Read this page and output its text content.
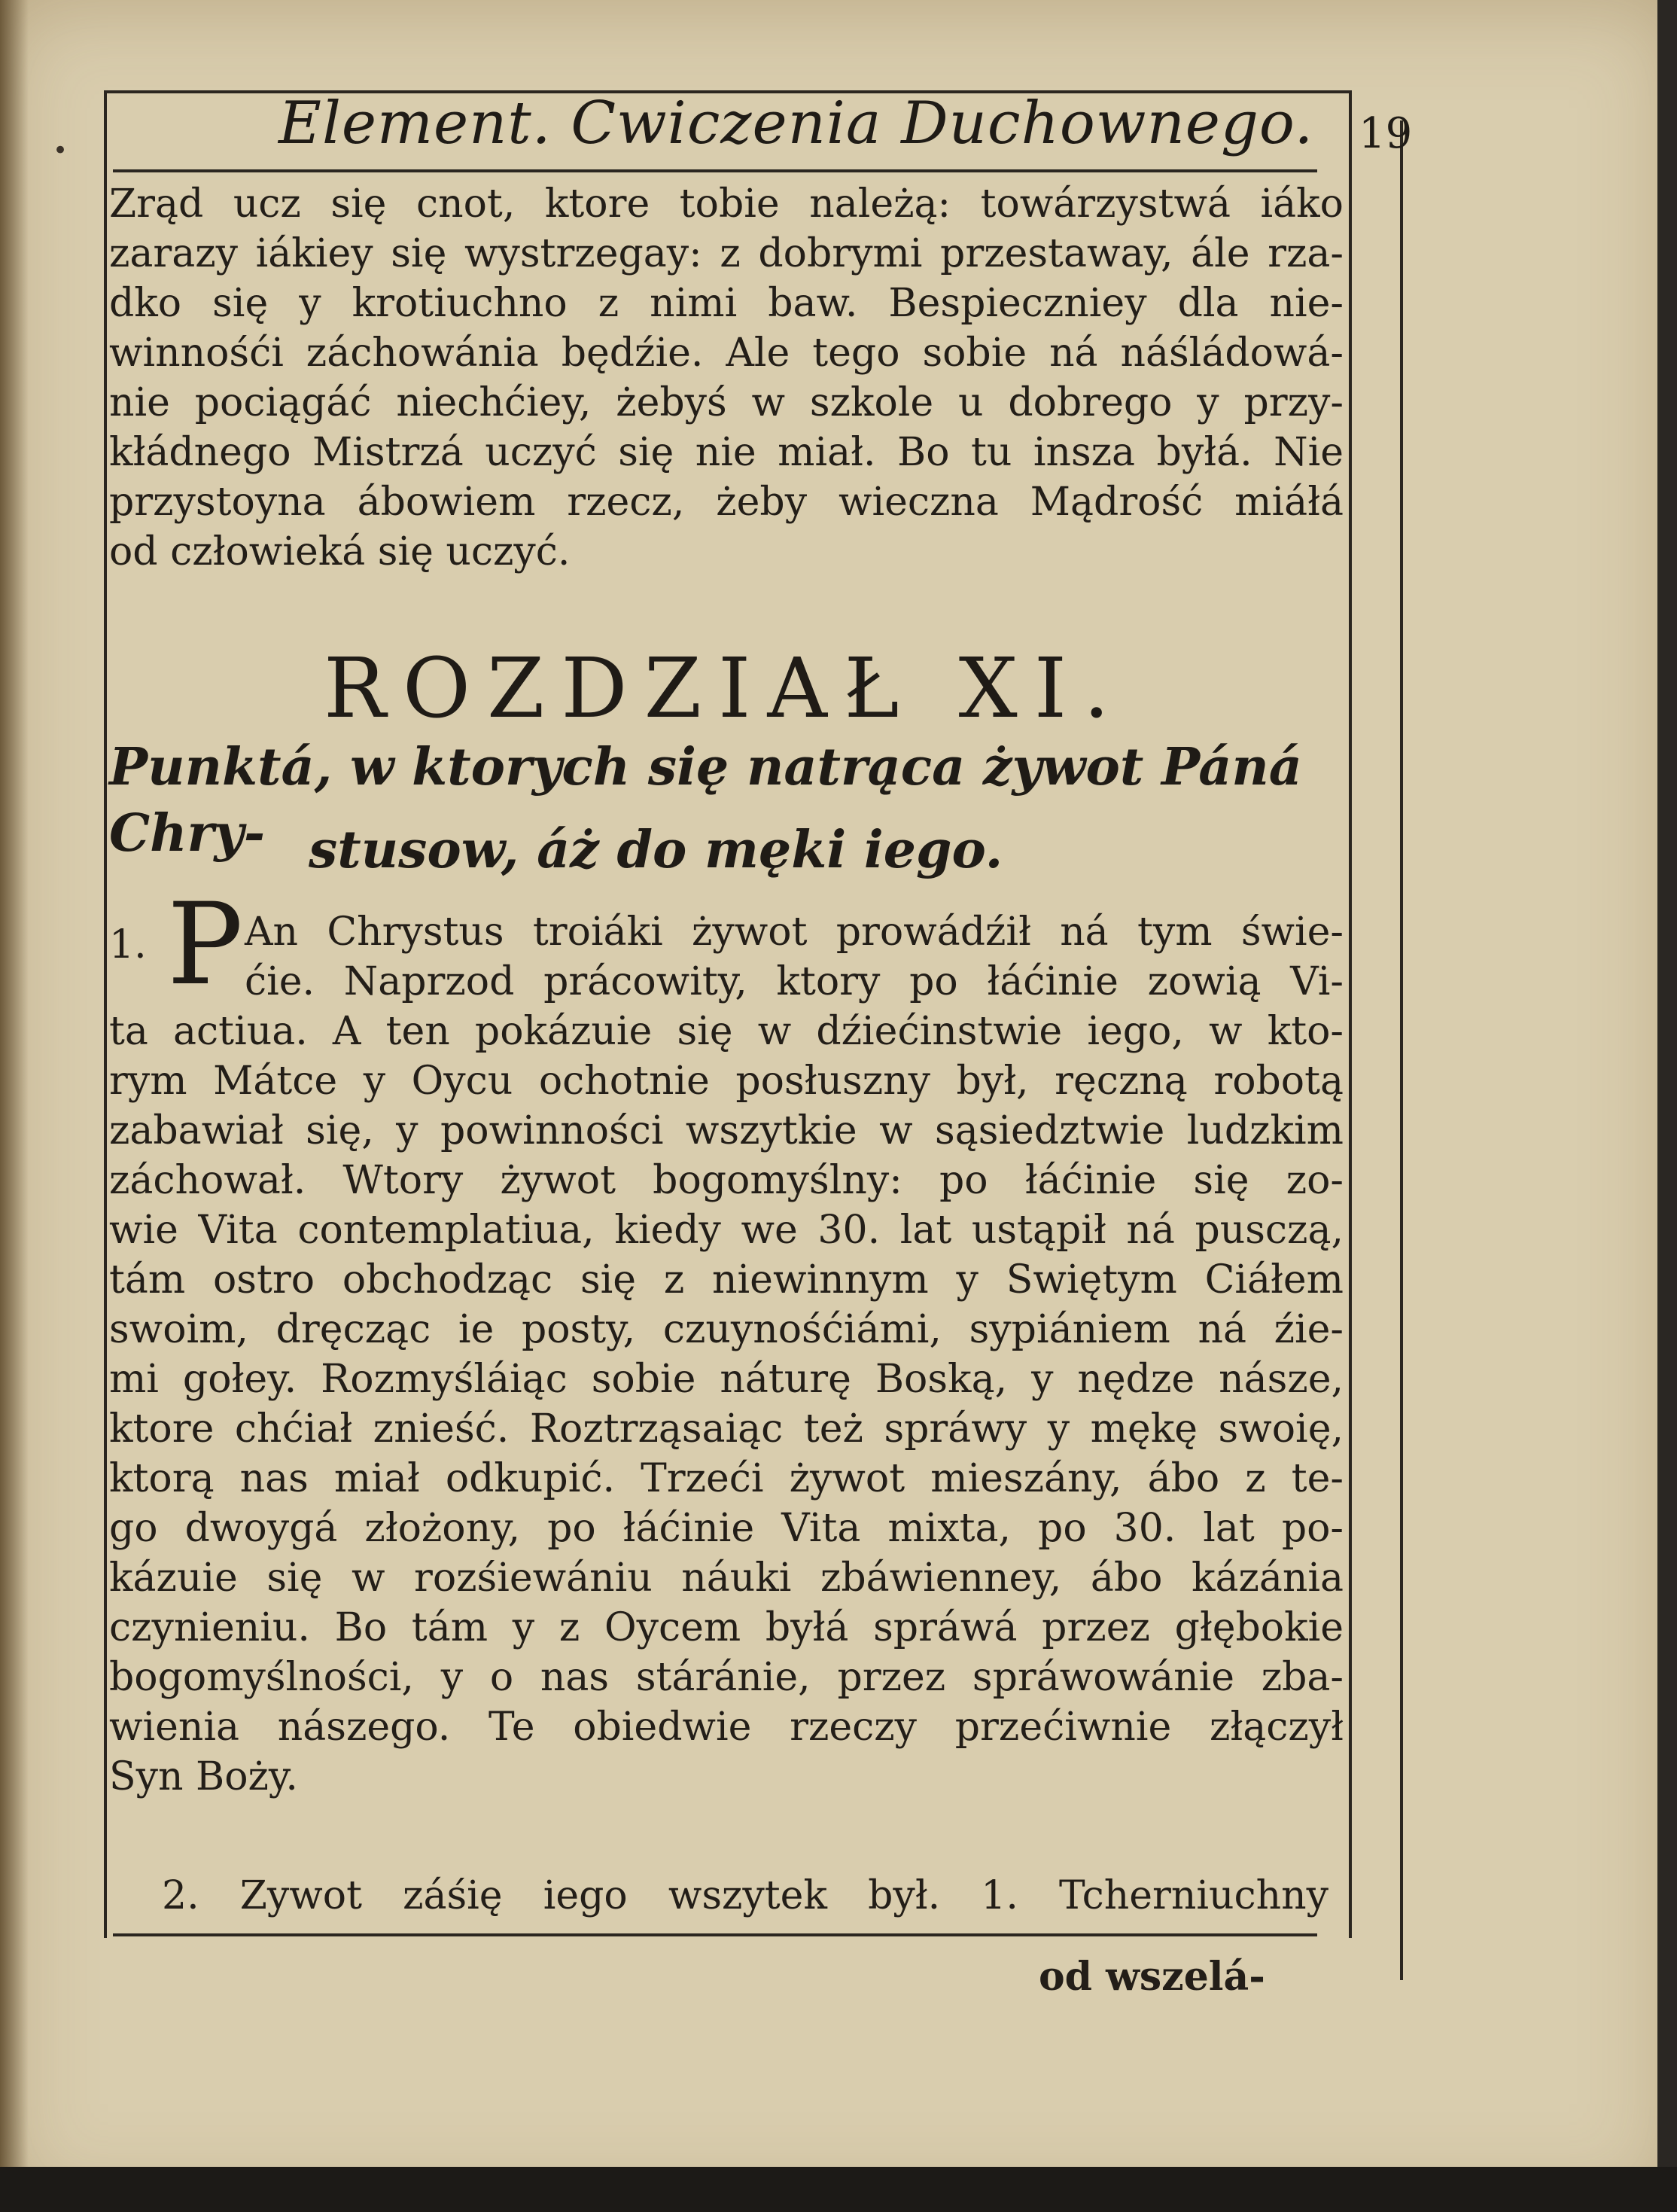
•	Element. Cwiczenia Duchownego. 19
Zrąd ucz się cnot, ktore tobie należą: towárzystwá iáko
zarazy iákiey się wystrzegay: z dobrymi przestaway, ále rza-
dko się y krotiuchno z nimi baw. Bespieczniey dla nie-
winnośći záchowánia będźie. Ale tego sobie ná náśládowá-
nie pociągáć niechćiey, żebyś w szkole u dobrego y przy-
kłádnego Mistrzá uczyć się nie miał. Bo tu insza byłá. Nie
przystoyna ábowiem rzecz, żeby wieczna Mądrość miáłá
od człowieká się uczyć.
ROZDZIAŁ XI.
Punktá, w ktorych się natrąca żywot Páná Chry- stusow, áż do męki iego.
1. P An Chrystus troiáki żywot prowádźił ná tym świe-
ćie. Naprzod prácowity, ktory po łáćinie zowią Vi-
ta actiua. A ten pokázuie się w dźiećinstwie iego, w kto-
rym Mátce y Oycu ochotnie posłuszny był, ręczną robotą
zabawiał się, y powinności wszytkie w sąsiedztwie ludzkim
záchował. Wtory żywot bogomyślny: po łáćinie się zo-
wie Vita contemplatiua, kiedy we 30. lat ustąpił ná pusczą,
tám ostro obchodząc się z niewinnym y Swiętym Ciáłem
swoim, dręcząc ie posty, czuynośćiámi, sypiániem ná źie-
mi gołey. Rozmyśláiąc sobie náturę Boską, y nędze násze,
ktore chćiał znieść. Roztrząsaiąc też spráwy y mękę swoię,
ktorą nas miał odkupić. Trzeći żywot mieszány, ábo z te-
go dwoygá złożony, po łáćinie Vita mixta, po 30. lat po-
kázuie się w rozśiewániu náuki zbáwienney, ábo kázánia
czynieniu. Bo tám y z Oycem byłá spráwá przez głębokie
bogomyślności, y o nas stáránie, przez spráwowánie zba-
wienia nászego. Te obiedwie rzeczy przećiwnie złączył
Syn Boży.
2. Zywot záśię iego wszytek był. 1. Tcherniuchny
od wszelá-
